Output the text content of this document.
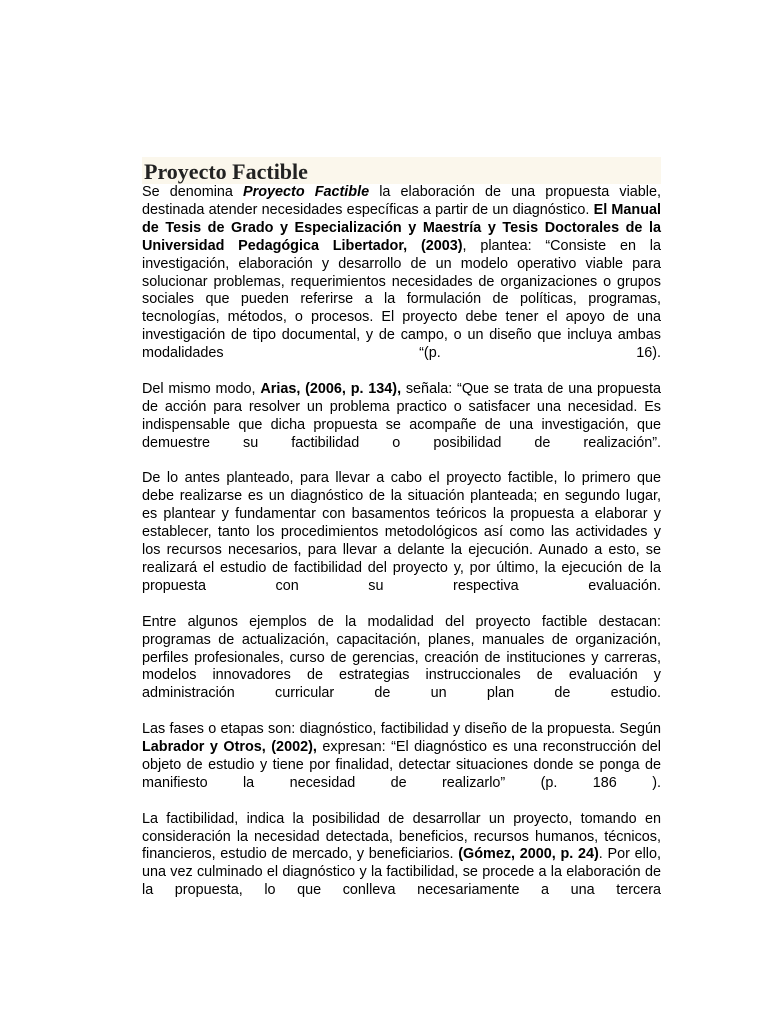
Proyecto Factible

Se denomina Proyecto Factible la elaboración de una propuesta viable, destinada atender necesidades específicas a partir de un diagnóstico. El Manual de Tesis de Grado y Especialización y Maestría y Tesis Doctorales de la Universidad Pedagógica Libertador, (2003), plantea: “Consiste en la investigación, elaboración y desarrollo de un modelo operativo viable para solucionar problemas, requerimientos necesidades de organizaciones o grupos sociales que pueden referirse a la formulación de políticas, programas, tecnologías, métodos, o procesos. El proyecto debe tener el apoyo de una investigación de tipo documental, y de campo, o un diseño que incluya ambas modalidades “(p. 16).

Del mismo modo, Arias, (2006, p. 134), señala: “Que se trata de una propuesta de acción para resolver un problema practico o satisfacer una necesidad. Es indispensable que dicha propuesta se acompañe de una investigación, que demuestre su factibilidad o posibilidad de realización”.

De lo antes planteado, para llevar a cabo el proyecto factible, lo primero que debe realizarse es un diagnóstico de la situación planteada; en segundo lugar, es plantear y fundamentar con basamentos teóricos la propuesta a elaborar y establecer, tanto los procedimientos metodológicos así como las actividades y los recursos necesarios, para llevar a delante la ejecución. Aunado a esto, se realizará el estudio de factibilidad del proyecto y, por último, la ejecución de la propuesta con su respectiva evaluación.

Entre algunos ejemplos de la modalidad del proyecto factible destacan: programas de actualización, capacitación, planes, manuales de organización, perfiles profesionales, curso de gerencias, creación de instituciones y carreras, modelos innovadores de estrategias instruccionales de evaluación y administración curricular de un plan de estudio.

Las fases o etapas son: diagnóstico, factibilidad y diseño de la propuesta. Según Labrador y Otros, (2002), expresan: “El diagnóstico es una reconstrucción del objeto de estudio y tiene por finalidad, detectar situaciones donde se ponga de manifiesto la necesidad de realizarlo” (p. 186 ).

La factibilidad, indica la posibilidad de desarrollar un proyecto, tomando en consideración la necesidad detectada, beneficios, recursos humanos, técnicos, financieros, estudio de mercado, y beneficiarios. (Gómez, 2000, p. 24). Por ello, una vez culminado el diagnóstico y la factibilidad, se procede a la elaboración de la propuesta, lo que conlleva necesariamente a una tercera
